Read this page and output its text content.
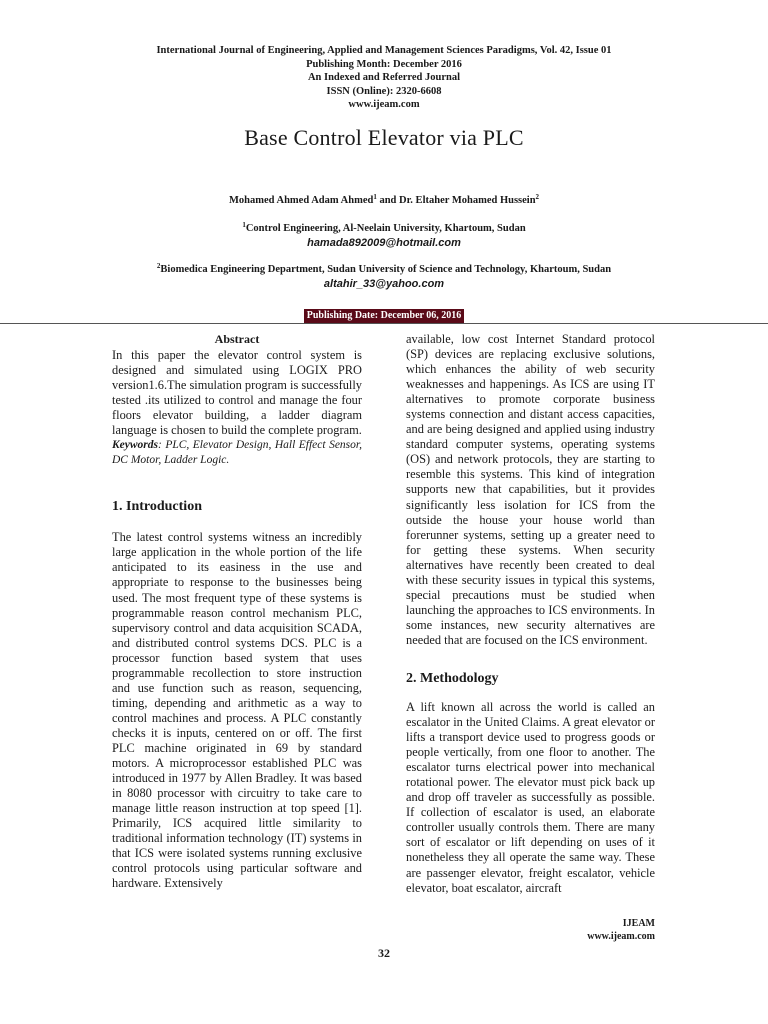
International Journal of Engineering, Applied and Management Sciences Paradigms, Vol. 42, Issue 01
Publishing Month: December 2016
An Indexed and Referred Journal
ISSN (Online): 2320-6608
www.ijeam.com
Base Control Elevator via PLC
Mohamed Ahmed Adam Ahmed$^1$ and Dr. Eltaher Mohamed Hussein$^2$
$^1$Control Engineering, Al-Neelain University, Khartoum, Sudan
hamada892009@hotmail.com
$^2$Biomedica Engineering Department, Sudan University of Science and Technology, Khartoum, Sudan
altahir_33@yahoo.com
Publishing Date: December 06, 2016
Abstract

In this paper the elevator control system is designed and simulated using LOGIX PRO version1.6.The simulation program is successfully tested .its utilized to control and manage the four floors elevator building, a ladder diagram language is chosen to build the complete program.

Keywords: PLC, Elevator Design, Hall Effect Sensor, DC Motor, Ladder Logic.

1. Introduction

The latest control systems witness an incredibly large application in the whole portion of the life anticipated to its easiness in the use and appropriate to response to the businesses being used. The most frequent type of these systems is programmable reason control mechanism PLC, supervisory control and data acquisition SCADA, and distributed control systems DCS. PLC is a processor function based system that uses programmable recollection to store instruction and use function such as reason, sequencing, timing, depending and arithmetic as a way to control machines and process. A PLC constantly checks it is inputs, centered on or off. The first PLC machine originated in 69 by standard motors. A microprocessor established PLC was introduced in 1977 by Allen Bradley. It was based in 8080 processor with circuitry to take care to manage little reason instruction at top speed [1]. Primarily, ICS acquired little similarity to traditional information technology (IT) systems in that ICS were isolated systems running exclusive control protocols using particular software and hardware. Extensively

available, low cost Internet Standard protocol (SP) devices are replacing exclusive solutions, which enhances the ability of web security weaknesses and happenings. As ICS are using IT alternatives to promote corporate business systems connection and distant access capacities, and are being designed and applied using industry standard computer systems, operating systems (OS) and network protocols, they are starting to resemble this systems. This kind of integration supports new that capabilities, but it provides significantly less isolation for ICS from the outside the house your house world than forerunner systems, setting up a greater need to for getting these systems. When security alternatives have recently been created to deal with these security issues in typical this systems, special precautions must be studied when launching the approaches to ICS environments. In some instances, new security alternatives are needed that are focused on the ICS environment.

2. Methodology

A lift known all across the world is called an escalator in the United Claims. A great elevator or lifts a transport device used to progress goods or people vertically, from one floor to another. The escalator turns electrical power into mechanical rotational power. The elevator must pick back up and drop off traveler as successfully as possible. If collection of escalator is used, an elaborate controller usually controls them. There are many sort of escalator or lift depending on uses of it nonetheless they all operate the same way. These are passenger elevator, freight escalator, vehicle elevator, boat escalator, aircraft

IJEAM
www.ijeam.com
32
